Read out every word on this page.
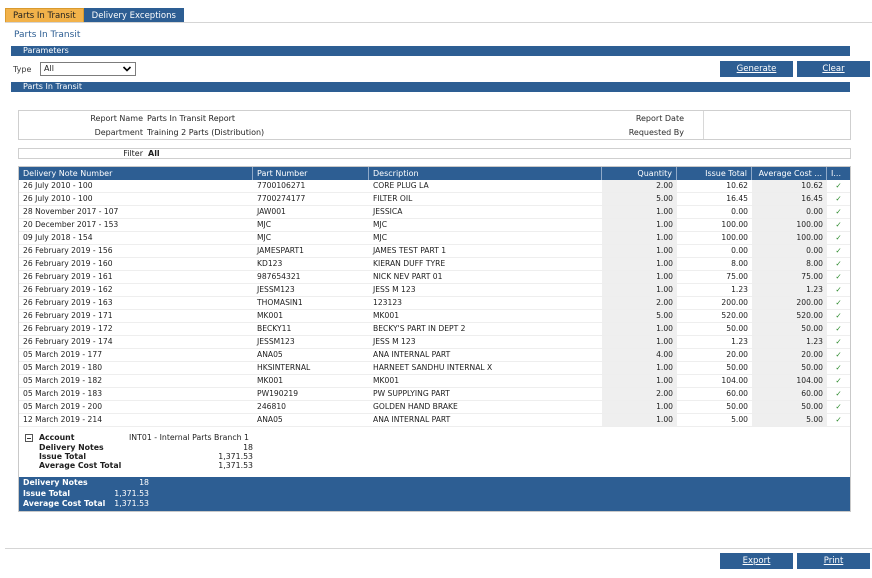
Parts In Transit	Delivery Exceptions
Parts In Transit
Parameters
Type	All	Generate	Clear
Parts In Transit
Report Name Parts In Transit Report
Department Training 2 Parts (Distribution)
Report Date
Requested By
Filter All
Delivery Note Number	Part Number	Description	Quantity	Issue Total	Average Cost ...	I...
26 July 2010 - 100	7700106271	CORE PLUG LA	2.00	10.62	10.62	✓
26 July 2010 - 100	7700274177	FILTER OIL	5.00	16.45	16.45	✓
28 November 2017 - 107	JAW001	JESSICA	1.00	0.00	0.00	✓
20 December 2017 - 153	MJC	MJC	1.00	100.00	100.00	✓
09 July 2018 - 154	MJC	MJC	1.00	100.00	100.00	✓
26 February 2019 - 156	JAMESPART1	JAMES TEST PART 1	1.00	0.00	0.00	✓
26 February 2019 - 160	KD123	KIERAN DUFF TYRE	1.00	8.00	8.00	✓
26 February 2019 - 161	987654321	NICK NEV PART 01	1.00	75.00	75.00	✓
26 February 2019 - 162	JESSM123	JESS M 123	1.00	1.23	1.23	✓
26 February 2019 - 163	THOMASIN1	123123	2.00	200.00	200.00	✓
26 February 2019 - 171	MK001	MK001	5.00	520.00	520.00	✓
26 February 2019 - 172	BECKY11	BECKY'S PART IN DEPT 2	1.00	50.00	50.00	✓
26 February 2019 - 174	JESSM123	JESS M 123	1.00	1.23	1.23	✓
05 March 2019 - 177	ANA05	ANA INTERNAL PART	4.00	20.00	20.00	✓
05 March 2019 - 180	HKSINTERNAL	HARNEET SANDHU INTERNAL X	1.00	50.00	50.00	✓
05 March 2019 - 182	MK001	MK001	1.00	104.00	104.00	✓
05 March 2019 - 183	PW190219	PW SUPPLYING PART	2.00	60.00	60.00	✓
05 March 2019 - 200	246810	GOLDEN HAND BRAKE	1.00	50.00	50.00	✓
12 March 2019 - 214	ANA05	ANA INTERNAL PART	1.00	5.00	5.00	✓
Account	INT01 - Internal Parts Branch 1
Delivery Notes	18
Issue Total	1,371.53
Average Cost Total	1,371.53
Delivery Notes	18
Issue Total	1,371.53
Average Cost Total	1,371.53
Export	Print
